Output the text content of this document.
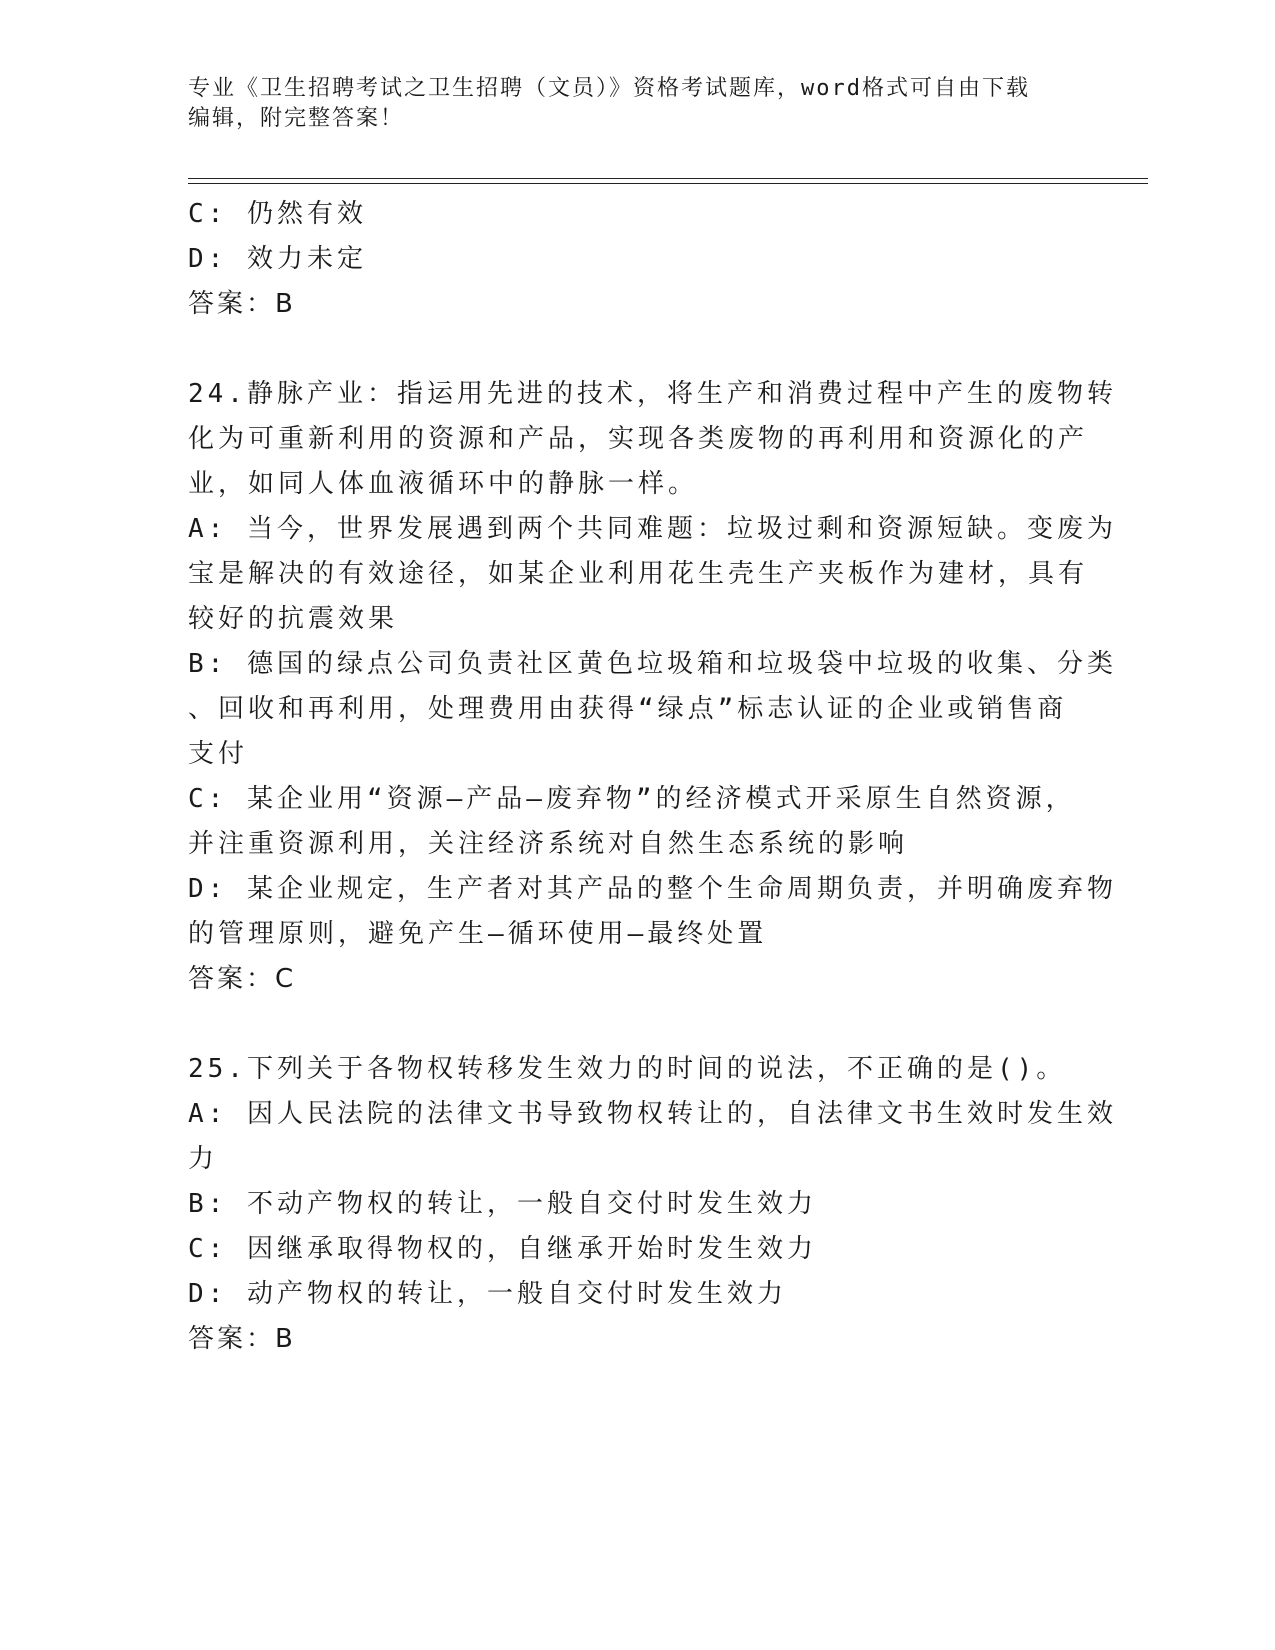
专业《卫生招聘考试之卫生招聘（文员）》资格考试题库，word格式可自由下载
编辑，附完整答案！
C: 仍然有效
D: 效力未定
答案：B
24.静脉产业：指运用先进的技术，将生产和消费过程中产生的废物转
化为可重新利用的资源和产品，实现各类废物的再利用和资源化的产
业，如同人体血液循环中的静脉一样。
A: 当今，世界发展遇到两个共同难题：垃圾过剩和资源短缺。变废为
宝是解决的有效途径，如某企业利用花生壳生产夹板作为建材，具有
较好的抗震效果
B: 德国的绿点公司负责社区黄色垃圾箱和垃圾袋中垃圾的收集、分类
、回收和再利用，处理费用由获得“绿点”标志认证的企业或销售商
支付
C: 某企业用“资源—产品—废弃物”的经济模式开采原生自然资源，
并注重资源利用，关注经济系统对自然生态系统的影响
D: 某企业规定，生产者对其产品的整个生命周期负责，并明确废弃物
的管理原则，避免产生—循环使用—最终处置
答案：C
25.下列关于各物权转移发生效力的时间的说法，不正确的是()。
A: 因人民法院的法律文书导致物权转让的，自法律文书生效时发生效
力
B: 不动产物权的转让，一般自交付时发生效力
C: 因继承取得物权的，自继承开始时发生效力
D: 动产物权的转让，一般自交付时发生效力
答案：B
